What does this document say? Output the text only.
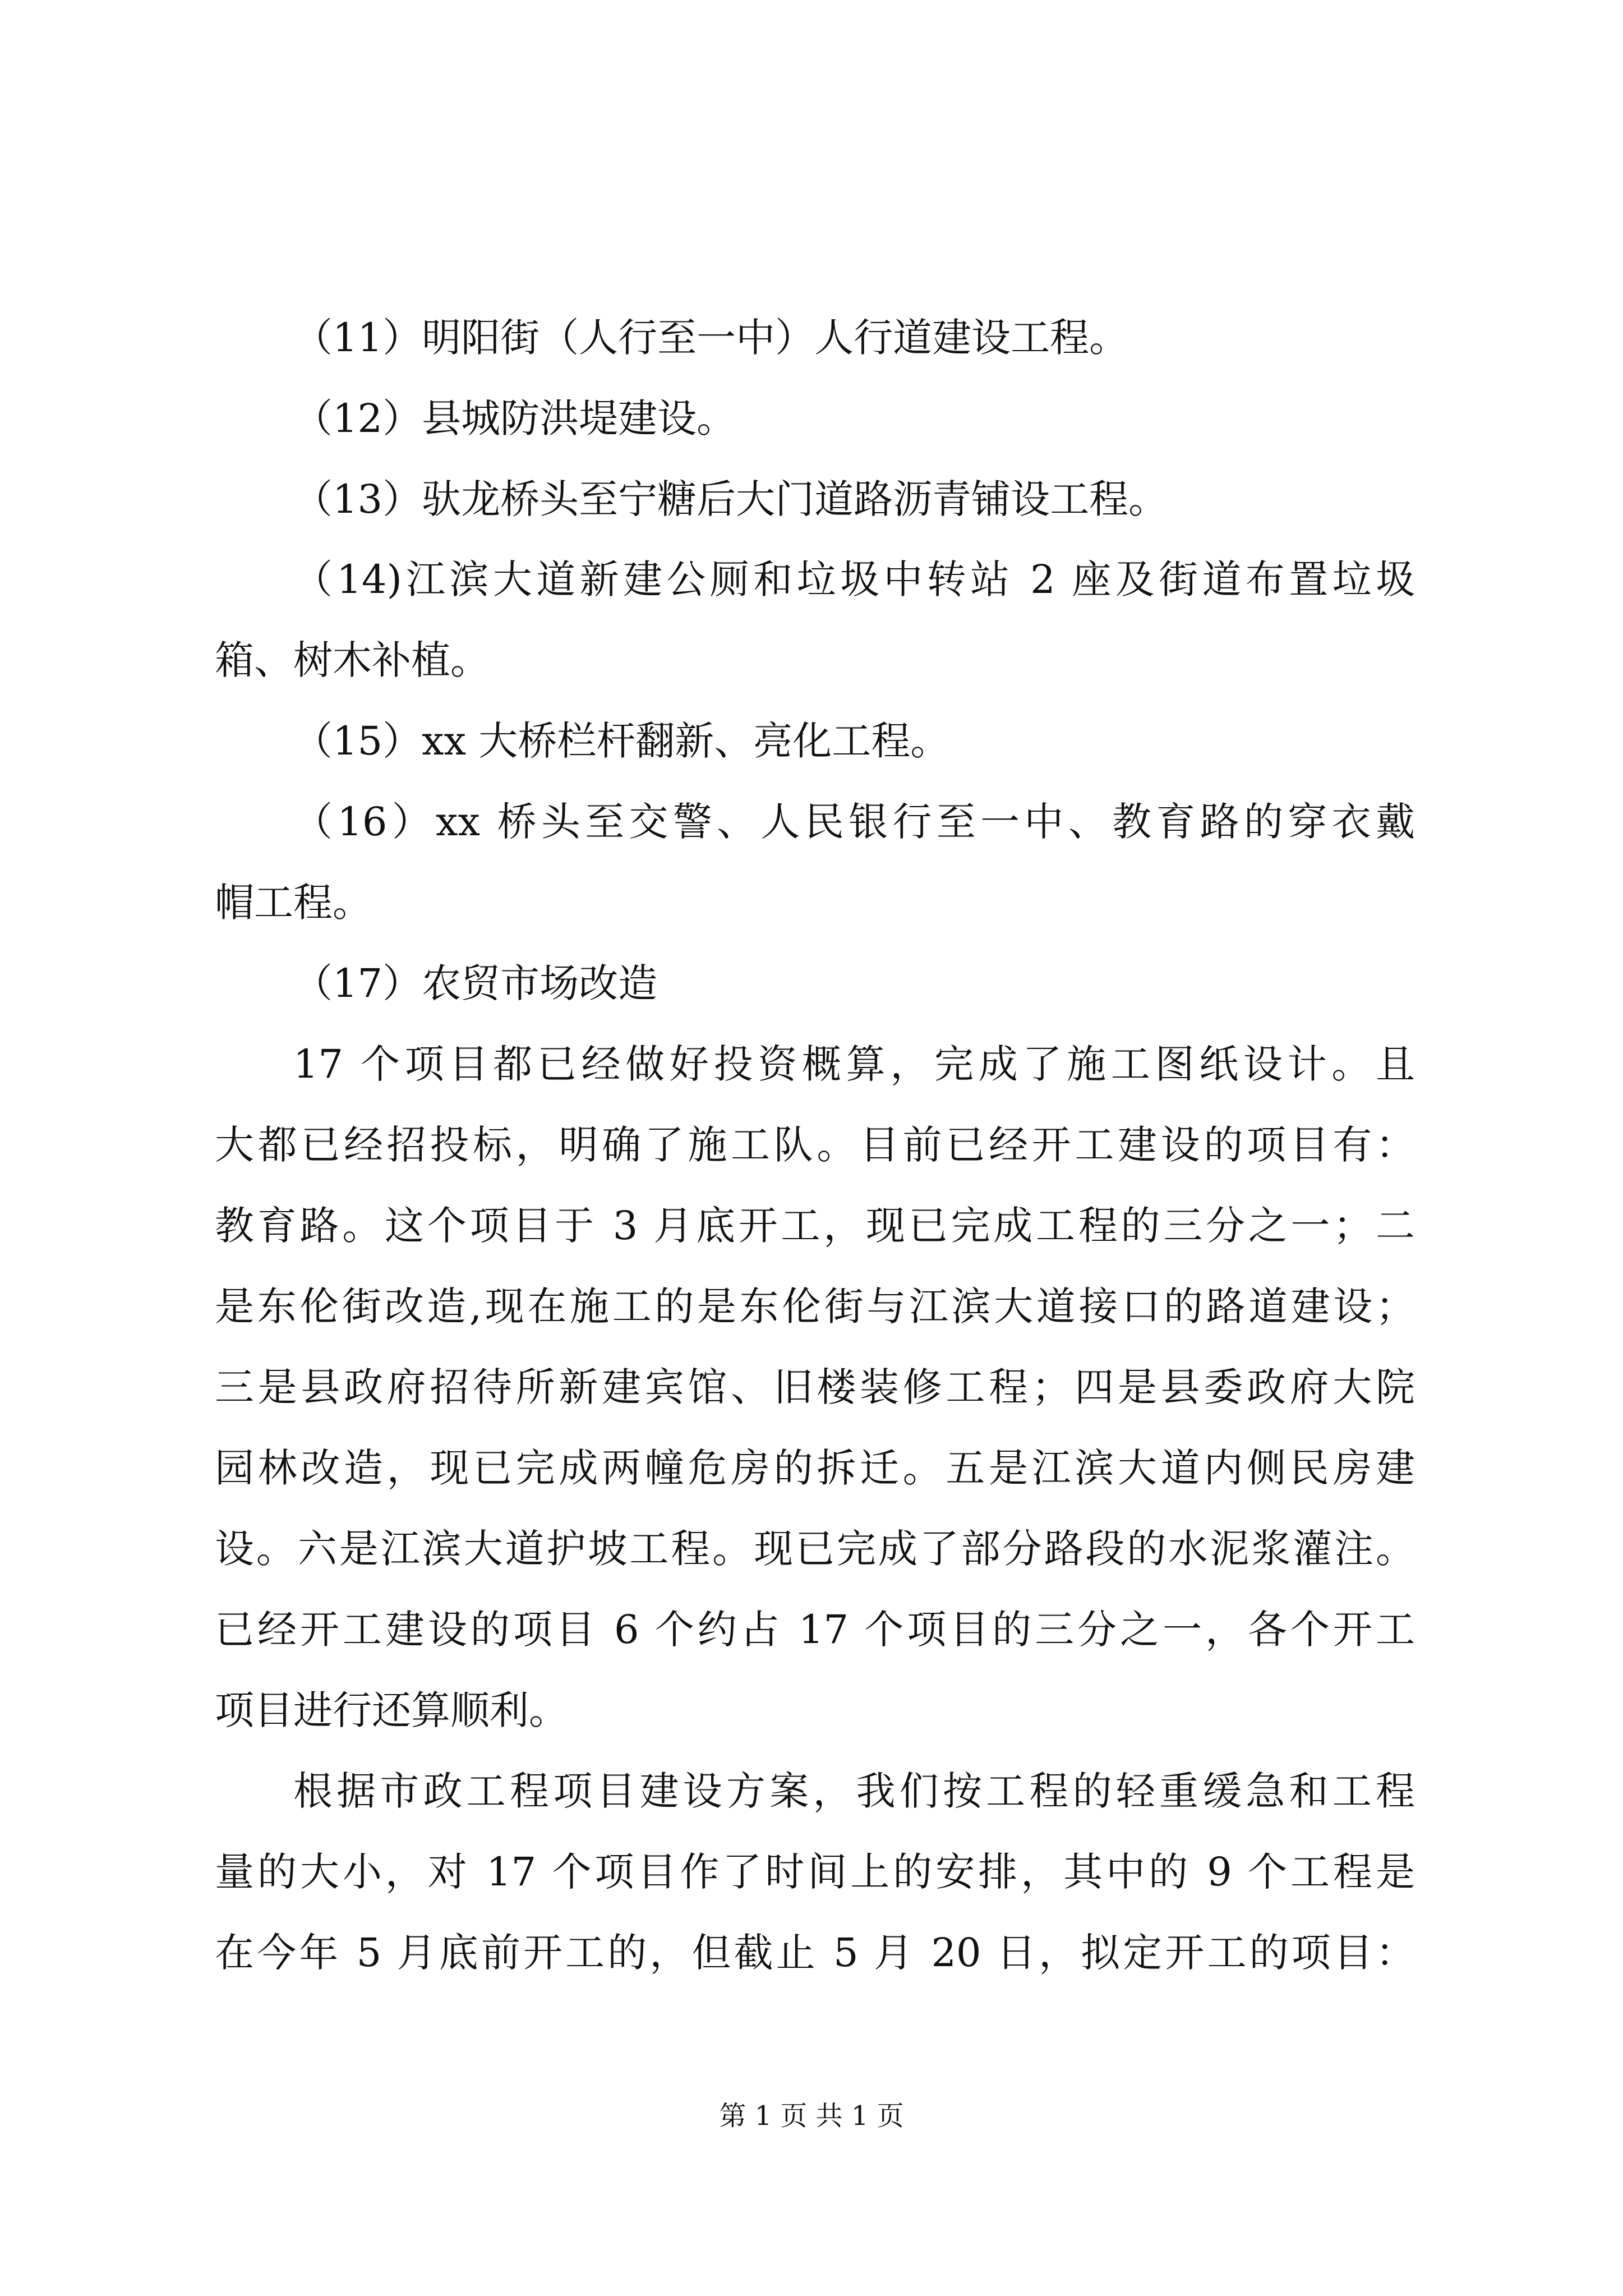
（11）明阳街（人行至一中）人行道建设工程。
（12）县城防洪堤建设。
（13）驮龙桥头至宁糖后大门道路沥青铺设工程。
（14)江滨大道新建公厕和垃圾中转站 2 座及街道布置垃圾
箱、树木补植。
（15）xx 大桥栏杆翻新、亮化工程。
（16）xx 桥头至交警、人民银行至一中、教育路的穿衣戴
帽工程。
（17）农贸市场改造
17 个项目都已经做好投资概算，完成了施工图纸设计。且
大都已经招投标，明确了施工队。目前已经开工建设的项目有：
教育路。这个项目于 3 月底开工，现已完成工程的三分之一；二
是东伦街改造,现在施工的是东伦街与江滨大道接口的路道建设；
三是县政府招待所新建宾馆、旧楼装修工程；四是县委政府大院
园林改造，现已完成两幢危房的拆迁。五是江滨大道内侧民房建
设。六是江滨大道护坡工程。现已完成了部分路段的水泥浆灌注。
已经开工建设的项目 6 个约占 17 个项目的三分之一，各个开工
项目进行还算顺利。
根据市政工程项目建设方案，我们按工程的轻重缓急和工程
量的大小，对 17 个项目作了时间上的安排，其中的 9 个工程是
在今年 5 月底前开工的，但截止 5 月 20 日，拟定开工的项目：
第 1 页 共 1 页
